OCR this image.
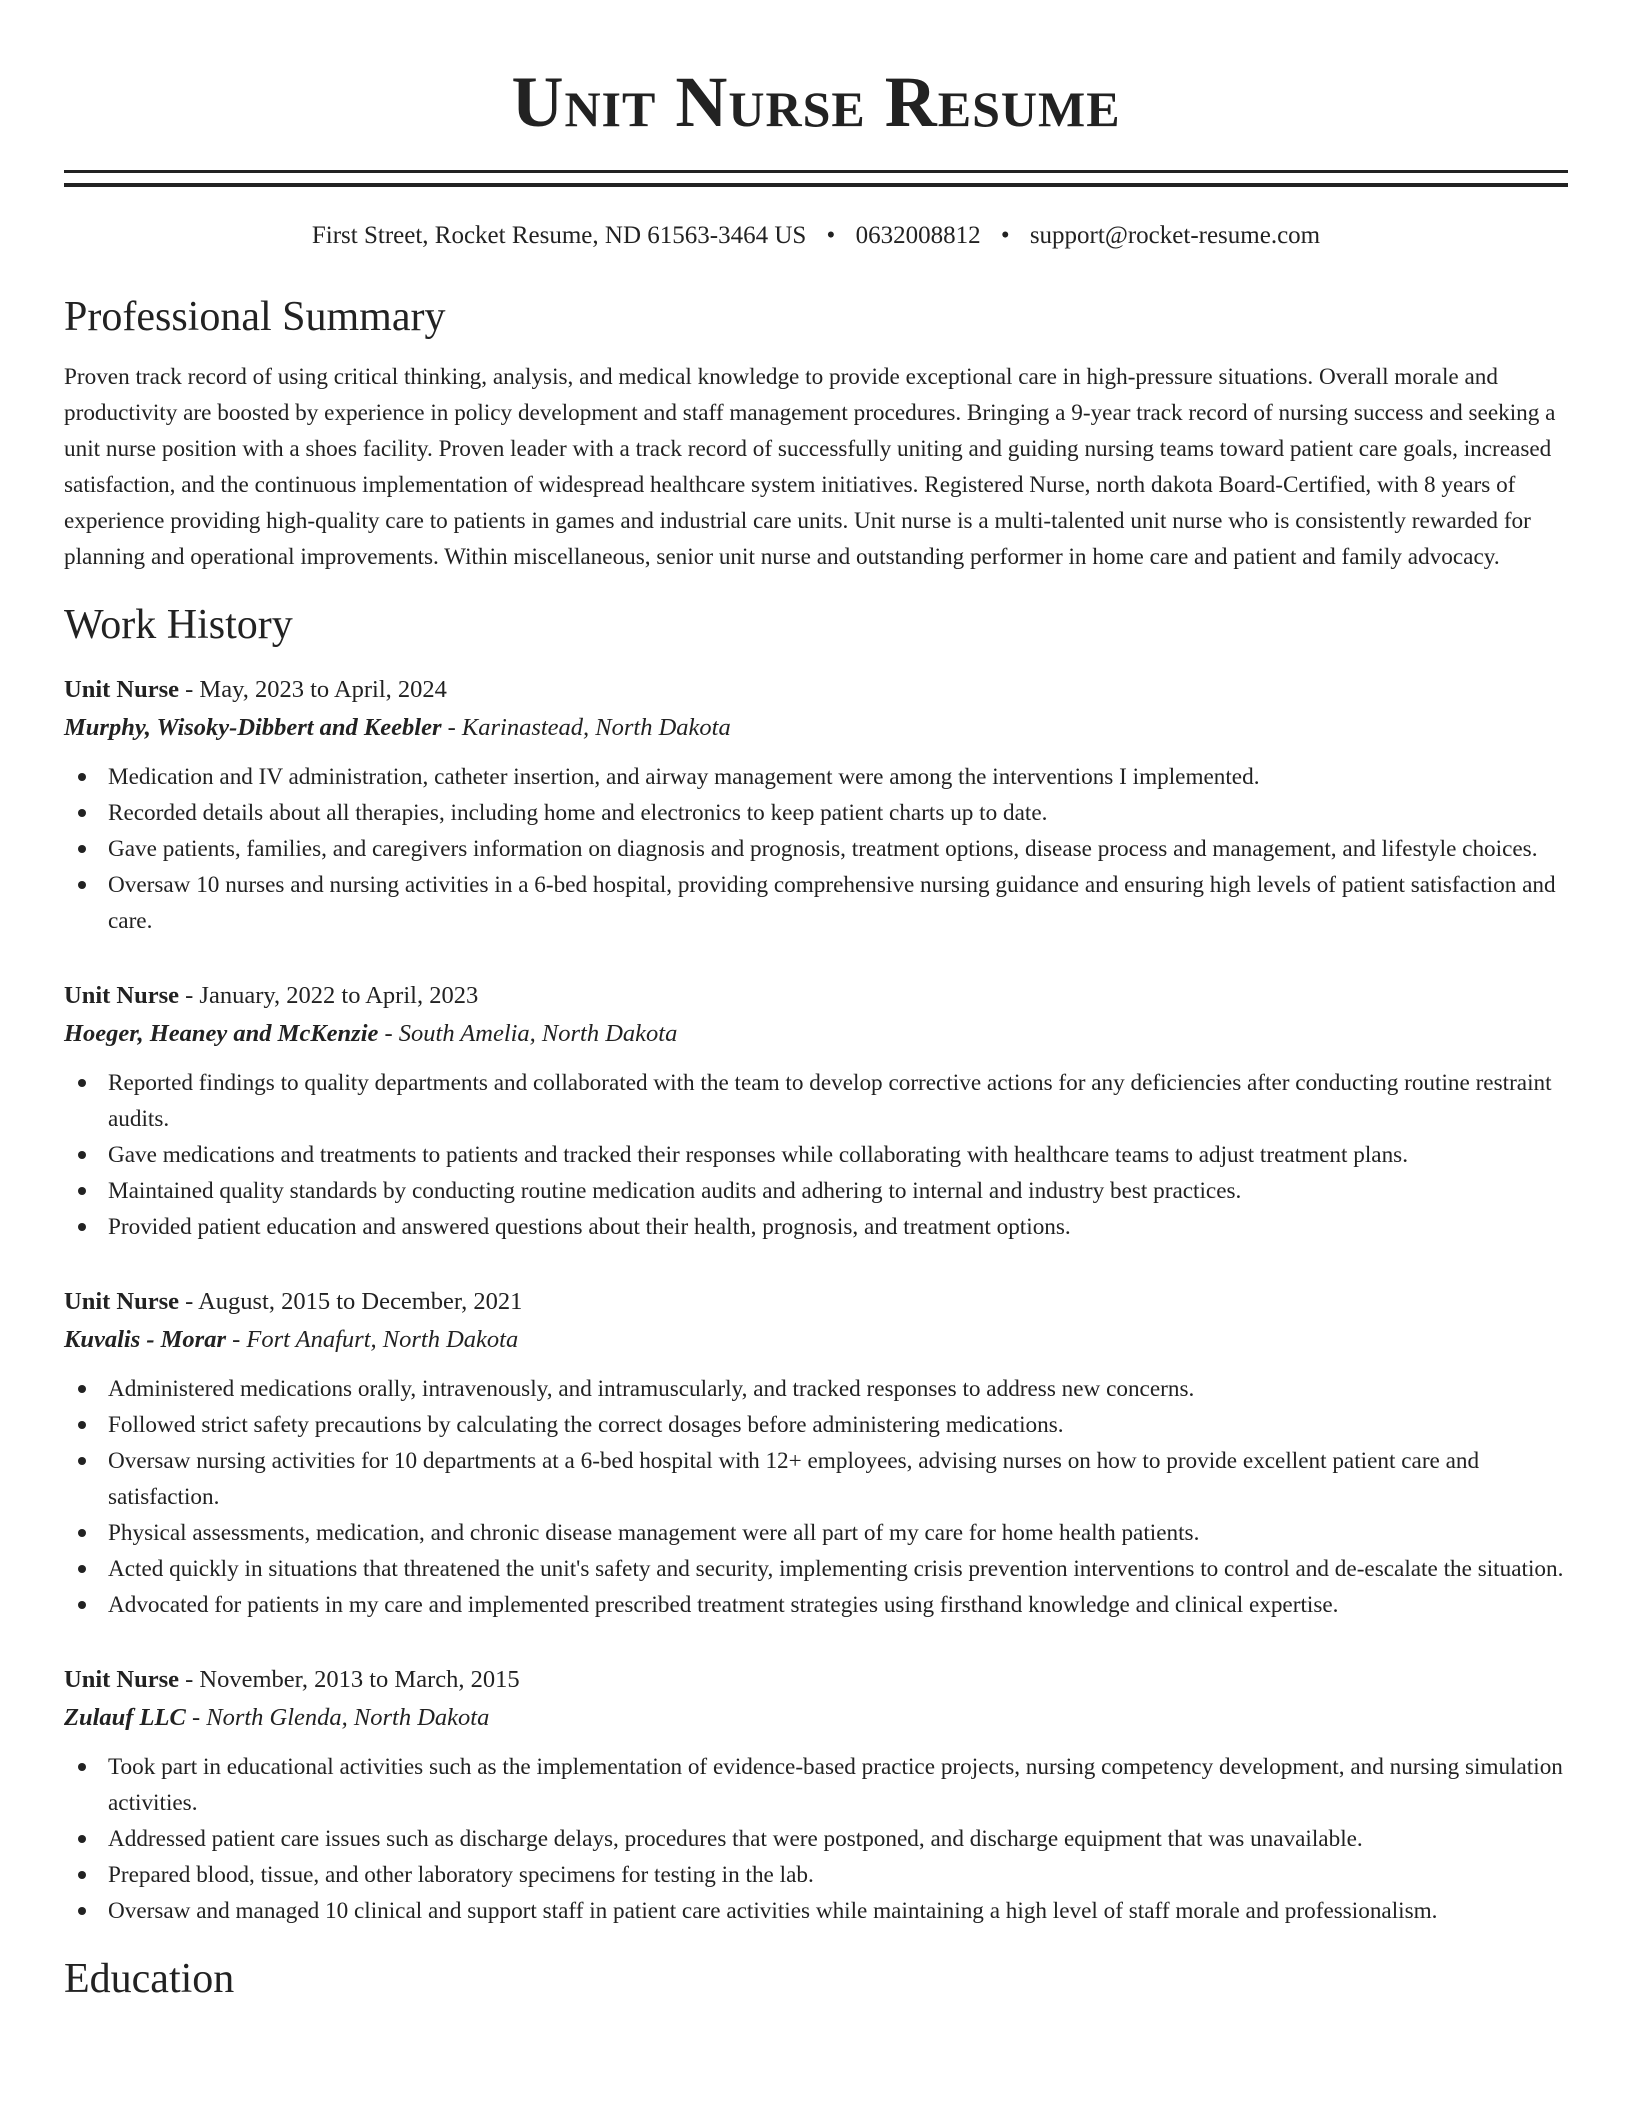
Unit Nurse Resume
First Street, Rocket Resume, ND 61563-3464 US • 0632008812 • support@rocket-resume.com
Professional Summary

Proven track record of using critical thinking, analysis, and medical knowledge to provide exceptional care in high-pressure situations. Overall morale and productivity are boosted by experience in policy development and staff management procedures. Bringing a 9-year track record of nursing success and seeking a unit nurse position with a shoes facility. Proven leader with a track record of successfully uniting and guiding nursing teams toward patient care goals, increased satisfaction, and the continuous implementation of widespread healthcare system initiatives. Registered Nurse, north dakota Board-Certified, with 8 years of experience providing high-quality care to patients in games and industrial care units. Unit nurse is a multi-talented unit nurse who is consistently rewarded for planning and operational improvements. Within miscellaneous, senior unit nurse and outstanding performer in home care and patient and family advocacy.

Work History
Unit Nurse - May, 2023 to April, 2024
Murphy, Wisoky-Dibbert and Keebler - Karinastead, North Dakota
Medication and IV administration, catheter insertion, and airway management were among the interventions I implemented.
Recorded details about all therapies, including home and electronics to keep patient charts up to date.
Gave patients, families, and caregivers information on diagnosis and prognosis, treatment options, disease process and management, and lifestyle choices.
Oversaw 10 nurses and nursing activities in a 6-bed hospital, providing comprehensive nursing guidance and ensuring high levels of patient satisfaction and care.
Unit Nurse - January, 2022 to April, 2023
Hoeger, Heaney and McKenzie - South Amelia, North Dakota
Reported findings to quality departments and collaborated with the team to develop corrective actions for any deficiencies after conducting routine restraint audits.
Gave medications and treatments to patients and tracked their responses while collaborating with healthcare teams to adjust treatment plans.
Maintained quality standards by conducting routine medication audits and adhering to internal and industry best practices.
Provided patient education and answered questions about their health, prognosis, and treatment options.
Unit Nurse - August, 2015 to December, 2021
Kuvalis - Morar - Fort Anafurt, North Dakota
Administered medications orally, intravenously, and intramuscularly, and tracked responses to address new concerns.
Followed strict safety precautions by calculating the correct dosages before administering medications.
Oversaw nursing activities for 10 departments at a 6-bed hospital with 12+ employees, advising nurses on how to provide excellent patient care and satisfaction.
Physical assessments, medication, and chronic disease management were all part of my care for home health patients.
Acted quickly in situations that threatened the unit's safety and security, implementing crisis prevention interventions to control and de-escalate the situation.
Advocated for patients in my care and implemented prescribed treatment strategies using firsthand knowledge and clinical expertise.
Unit Nurse - November, 2013 to March, 2015
Zulauf LLC - North Glenda, North Dakota
Took part in educational activities such as the implementation of evidence-based practice projects, nursing competency development, and nursing simulation activities.
Addressed patient care issues such as discharge delays, procedures that were postponed, and discharge equipment that was unavailable.
Prepared blood, tissue, and other laboratory specimens for testing in the lab.
Oversaw and managed 10 clinical and support staff in patient care activities while maintaining a high level of staff morale and professionalism.
Education
